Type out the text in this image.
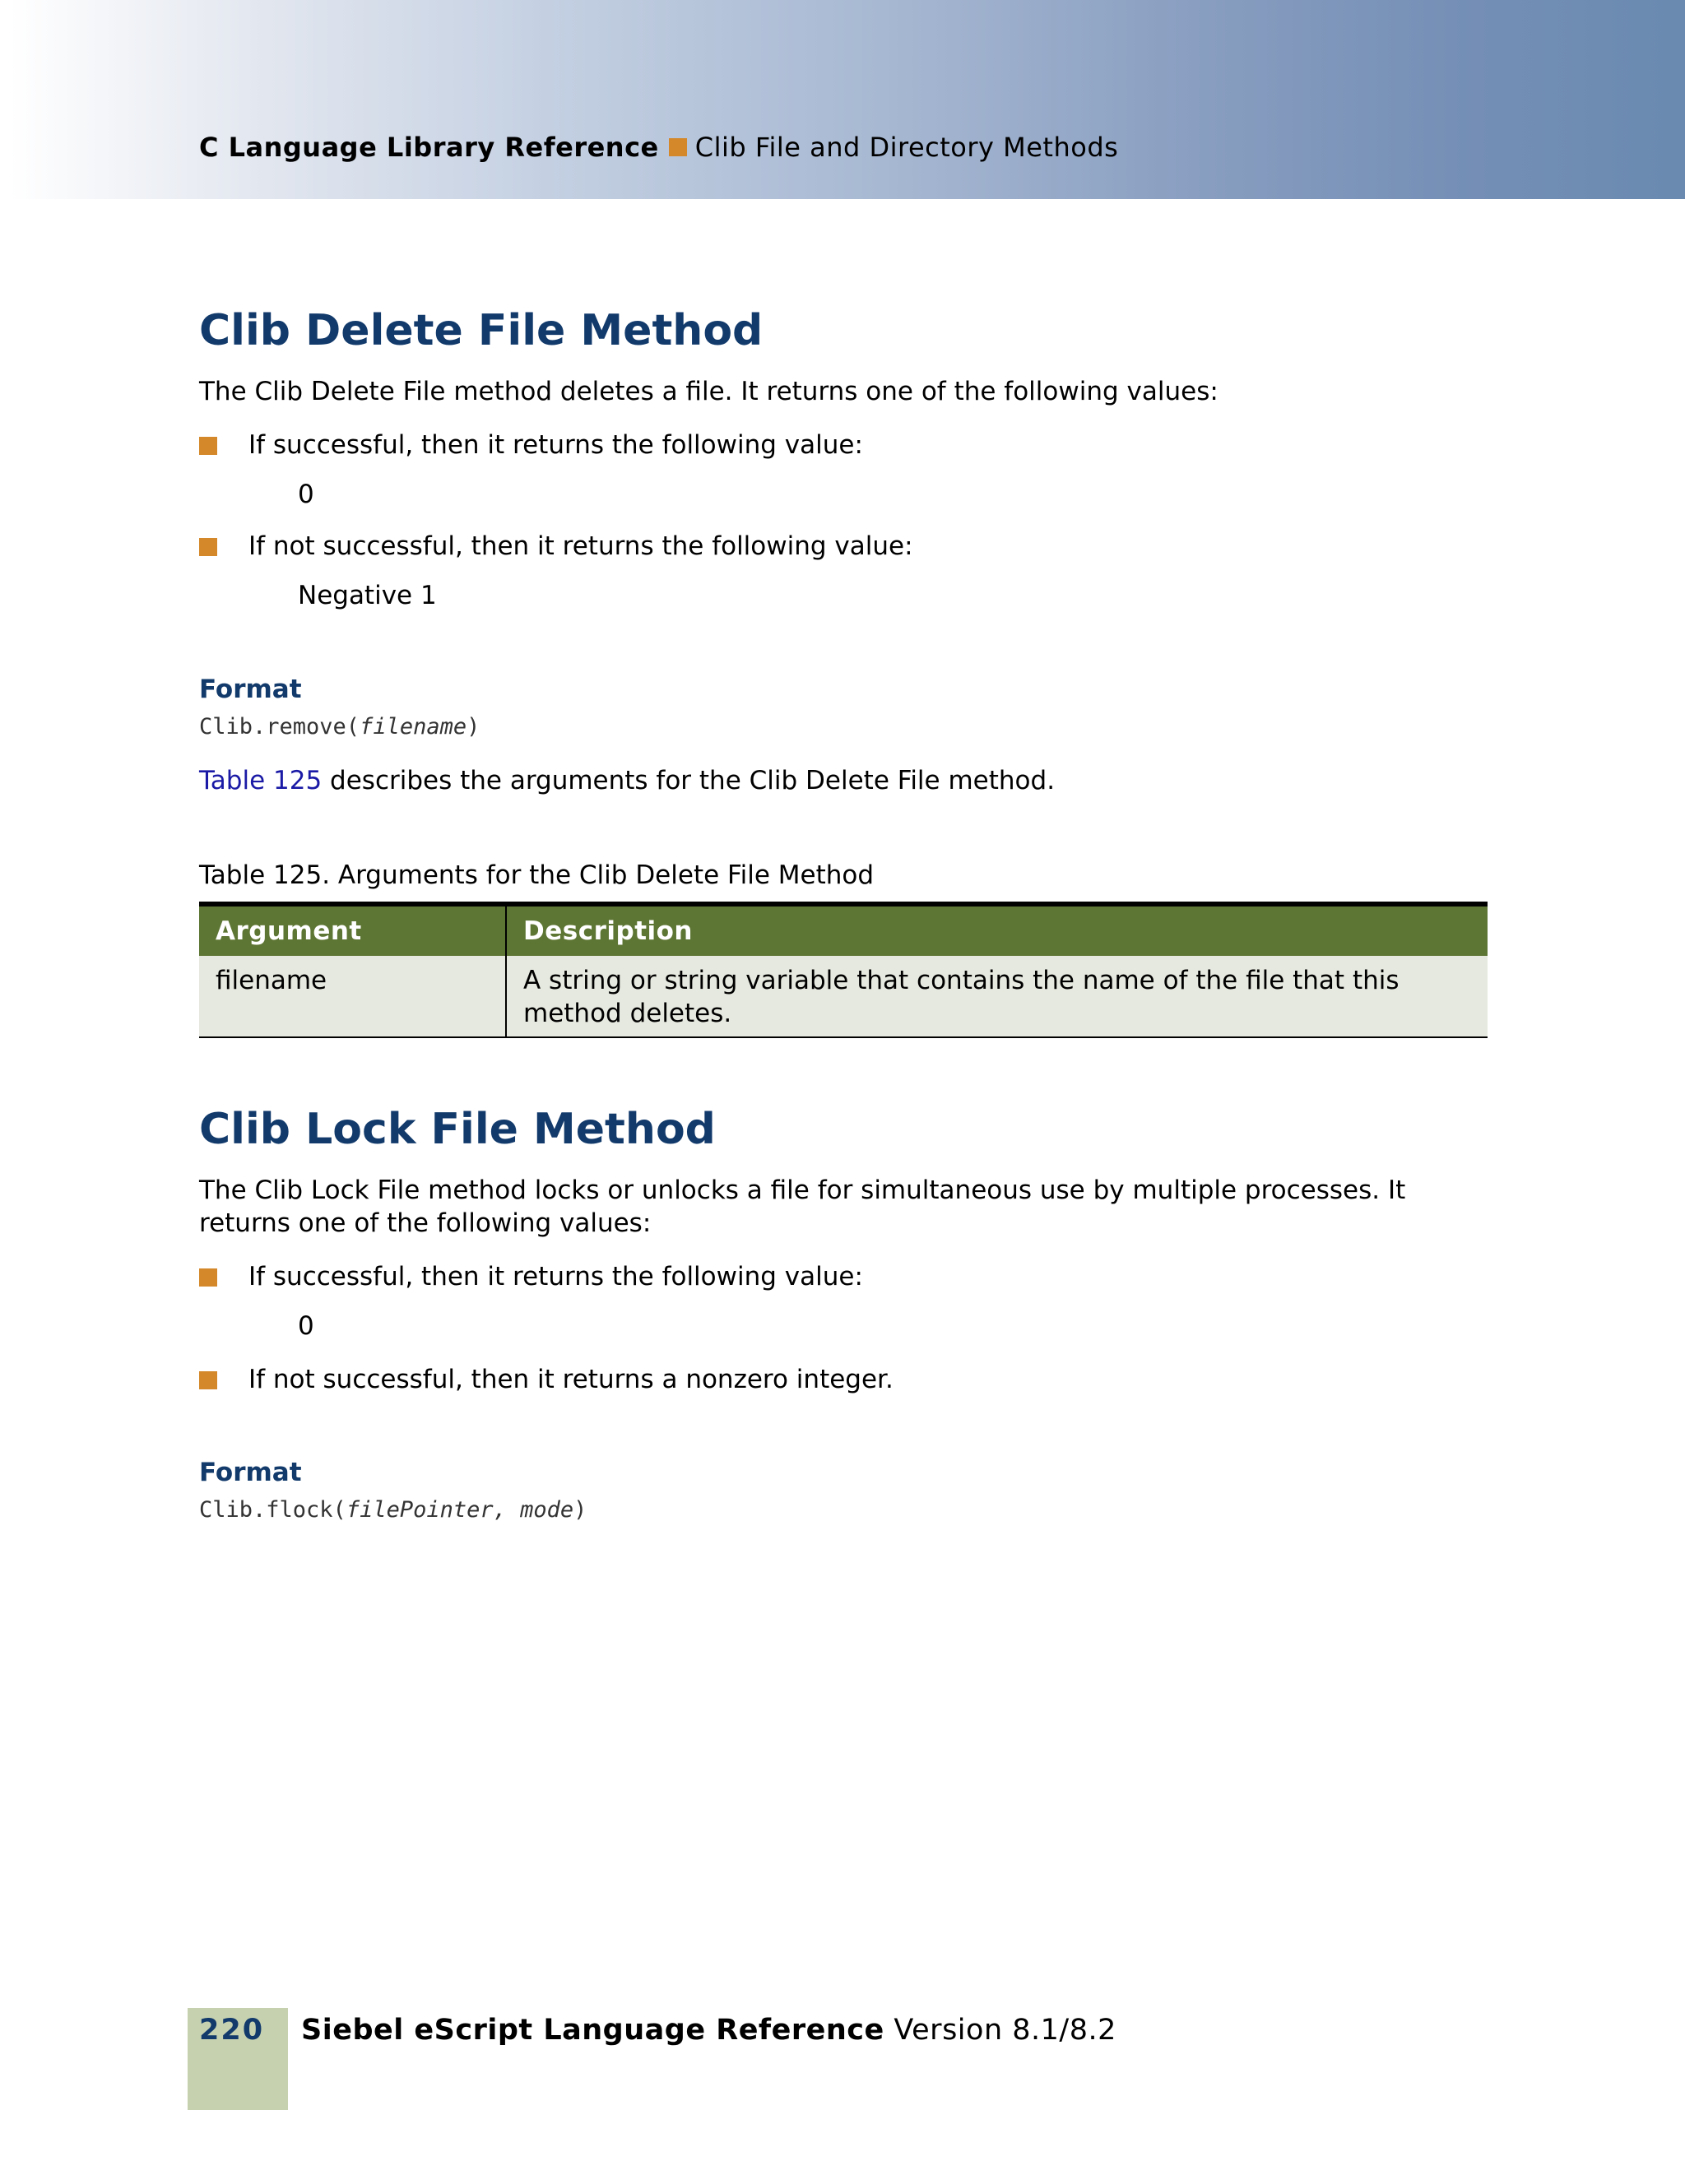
C Language Library Reference Clib File and Directory Methods
Clib Delete File Method

The Clib Delete File method deletes a file. It returns one of the following values:

If successful, then it returns the following value:
0
If not successful, then it returns the following value:
Negative 1
Format
Clib.remove(filename)

Table 125 describes the arguments for the Clib Delete File method.

Table 125. Arguments for the Clib Delete File Method
Argument	Description
filename	A string or string variable that contains the name of the file that this method deletes.
Clib Lock File Method

The Clib Lock File method locks or unlocks a file for simultaneous use by multiple processes. It returns one of the following values:

If successful, then it returns the following value:
0
If not successful, then it returns a nonzero integer.
Format
Clib.flock(filePointer, mode)
220 Siebel eScript Language Reference Version 8.1/8.2
